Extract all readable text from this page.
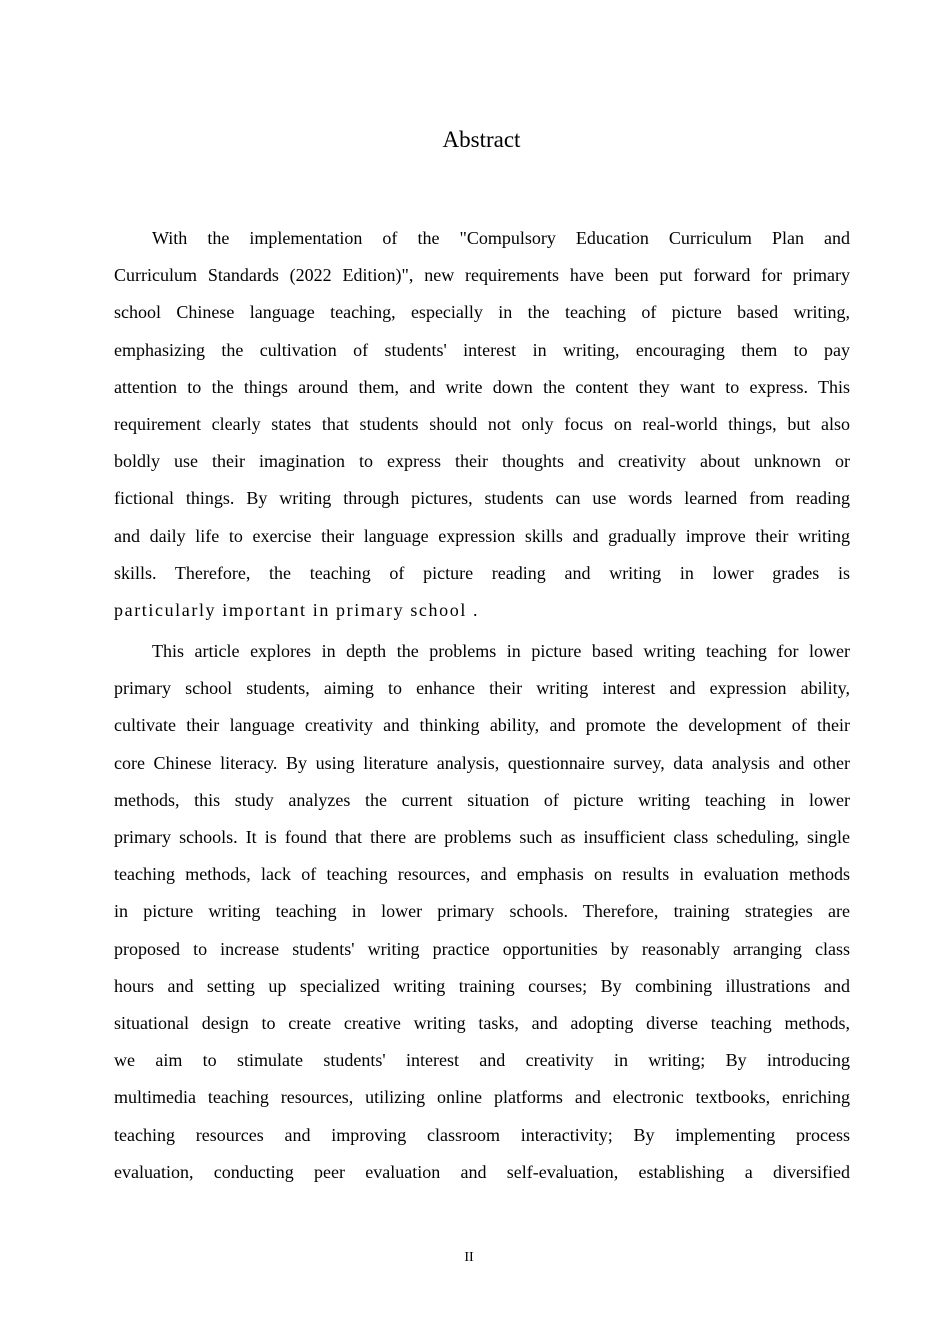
Abstract

With the implementation of the "Compulsory Education Curriculum Plan and
Curriculum Standards (2022 Edition)", new requirements have been put forward for primary
school Chinese language teaching, especially in the teaching of picture based writing,
emphasizing the cultivation of students' interest in writing, encouraging them to pay
attention to the things around them, and write down the content they want to express. This
requirement clearly states that students should not only focus on real-world things, but also
boldly use their imagination to express their thoughts and creativity about unknown or
fictional things. By writing through pictures, students can use words learned from reading
and daily life to exercise their language expression skills and gradually improve their writing
skills. Therefore, the teaching of picture reading and writing in lower grades is
particularly important in primary school .

This article explores in depth the problems in picture based writing teaching for lower
primary school students, aiming to enhance their writing interest and expression ability,
cultivate their language creativity and thinking ability, and promote the development of their
core Chinese literacy. By using literature analysis, questionnaire survey, data analysis and other
methods, this study analyzes the current situation of picture writing teaching in lower
primary schools. It is found that there are problems such as insufficient class scheduling, single
teaching methods, lack of teaching resources, and emphasis on results in evaluation methods
in picture writing teaching in lower primary schools. Therefore, training strategies are
proposed to increase students' writing practice opportunities by reasonably arranging class
hours and setting up specialized writing training courses; By combining illustrations and
situational design to create creative writing tasks, and adopting diverse teaching methods,
we aim to stimulate students' interest and creativity in writing; By introducing
multimedia teaching resources, utilizing online platforms and electronic textbooks, enriching
teaching resources and improving classroom interactivity; By implementing process
evaluation, conducting peer evaluation and self-evaluation, establishing a diversified

II
